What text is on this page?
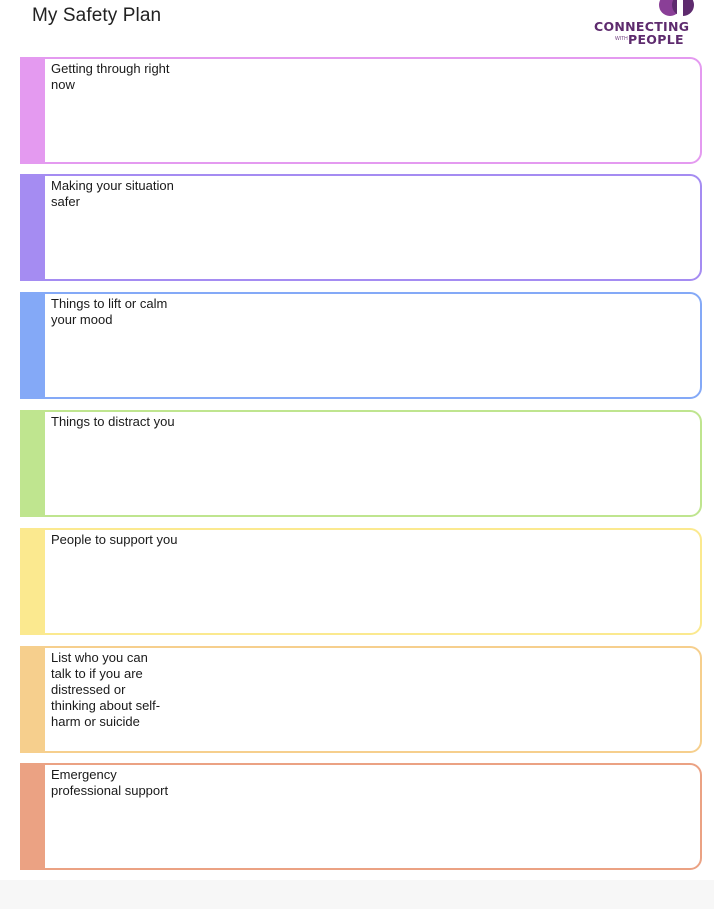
My Safety Plan
CONNECTING
WITH PEOPLE
Getting through right now
Making your situation safer
Things to lift or calm your mood
Things to distract you
People to support you
List who you can talk to if you are distressed or thinking about self-harm or suicide
Emergency professional support
